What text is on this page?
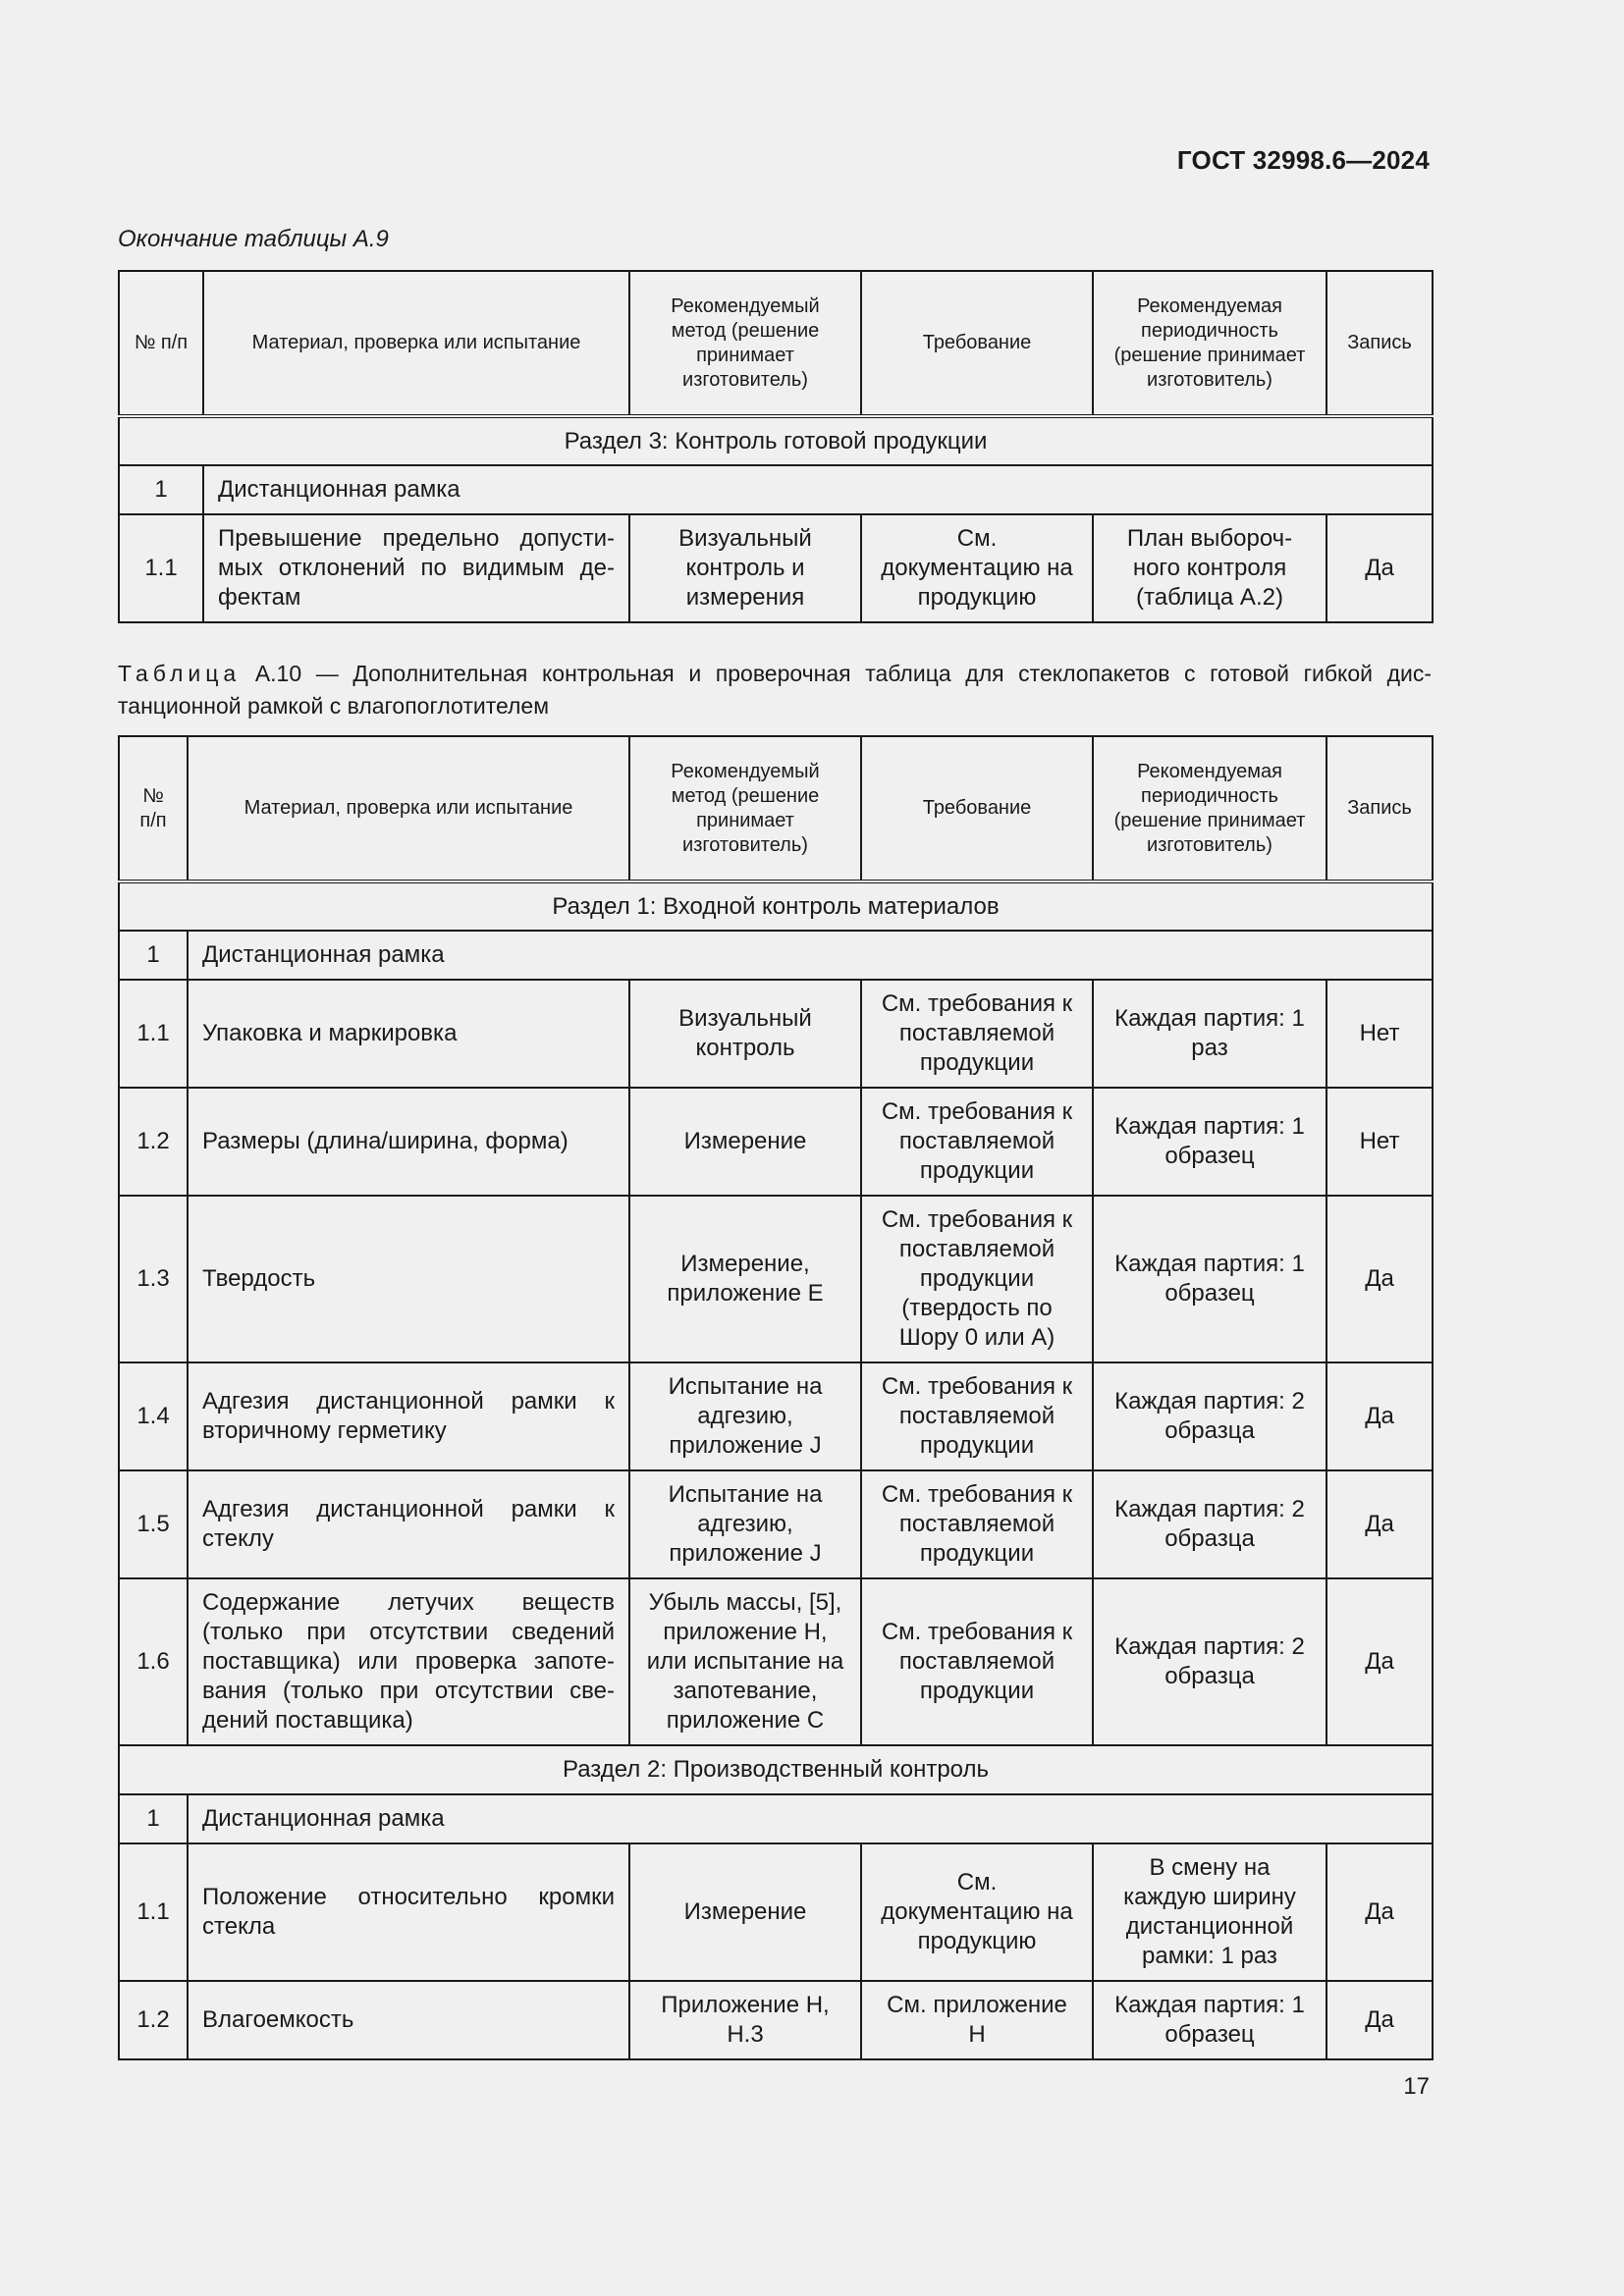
ГОСТ 32998.6—2024
Окончание таблицы А.9
№ п/п	Материал, проверка или испытание	Рекомендуемый метод (решение принимает изготовитель)	Требование	Рекомендуемая периодичность (решение принимает изготовитель)	Запись
Раздел 3: Контроль готовой продукции					
1	Дистанционная рамка				
1.1	Превышение предельно допусти-мых отклонений по видимым де-фектам	Визуальный контроль и измерения	См. документацию на продукцию	План выбороч-ного контроля (таблица А.2)	Да
Таблица А.10 — Дополнительная контрольная и проверочная таблица для стеклопакетов с готовой гибкой дис-танционной рамкой с влагопоглотителем
№ п/п	Материал, проверка или испытание	Рекомендуемый метод (решение принимает изготовитель)	Требование	Рекомендуемая периодичность (решение принимает изготовитель)	Запись
Раздел 1: Входной контроль материалов					
1	Дистанционная рамка				
1.1	Упаковка и маркировка	Визуальный контроль	См. требования к поставляемой продукции	Каждая партия: 1 раз	Нет
1.2	Размеры (длина/ширина, форма)	Измерение	См. требования к поставляемой продукции	Каждая партия: 1 образец	Нет
1.3	Твердость	Измерение, приложение Е	См. требования к поставляемой продукции (твердость по Шору 0 или А)	Каждая партия: 1 образец	Да
1.4	Адгезия дистанционной рамки к вторичному герметику	Испытание на адгезию, приложение J	См. требования к поставляемой продукции	Каждая партия: 2 образца	Да
1.5	Адгезия дистанционной рамки к стеклу	Испытание на адгезию, приложение J	См. требования к поставляемой продукции	Каждая партия: 2 образца	Да
1.6	Содержание летучих веществ (только при отсутствии сведений поставщика) или проверка запоте-вания (только при отсутствии све-дений поставщика)	Убыль массы, [5], приложение Н, или испытание на запотевание, приложение С	См. требования к поставляемой продукции	Каждая партия: 2 образца	Да
Раздел 2: Производственный контроль					
1	Дистанционная рамка				
1.1	Положение относительно кромки стекла	Измерение	См. документацию на продукцию	В смену на каждую ширину дистанционной рамки: 1 раз	Да
1.2	Влагоемкость	Приложение Н, Н.3	См. приложение Н	Каждая партия: 1 образец	Да
17
